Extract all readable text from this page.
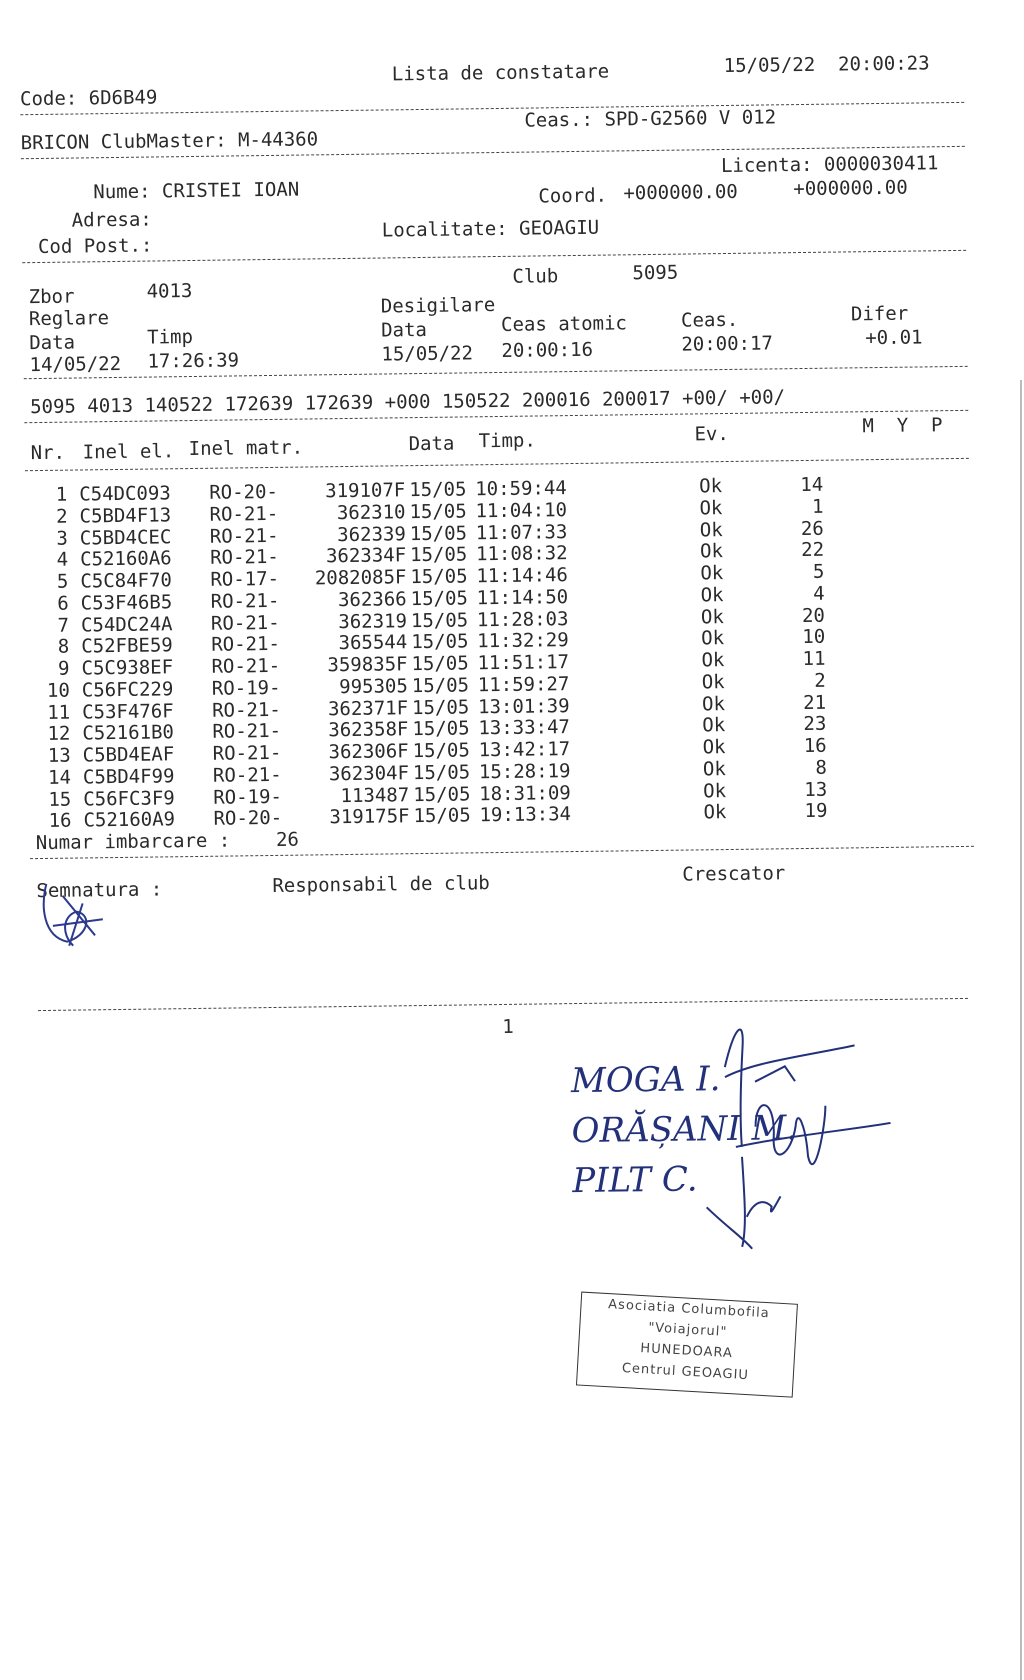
Code: 6D6B49
Lista de constatare	15/05/22  20:00:23
BRICON ClubMaster: M-44360
Ceas.: SPD-G2560 V 012
Licenta: 0000030411
Nume: CRISTEI IOAN	Coord. +000000.00	+000000.00
Adresa:
Cod Post.:
Localitate: GEOAGIU
Zbor	4013
Club	5095
Reglare
Desigilare
Data	Timp	Data	Ceas atomic	Ceas.	Difer
14/05/22 17:26:39	15/05/22 20:00:16	20:00:17	+0.01
5095 4013 140522 172639 172639 +000 150522 200016 200017 +00/ +00/
Nr. Inel el. Inel matr.	Data Timp.	Ev.	M  Y  P
1 C54DC093	RO-20-	319107F 15/05 10:59:44	Ok	14
2 C5BD4F13	RO-21-	362310 15/05 11:04:10	Ok	1
3 C5BD4CEC	RO-21-	362339 15/05 11:07:33	Ok	26
4 C52160A6	RO-21-	362334F 15/05 11:08:32	Ok	22
5 C5C84F70	RO-17-	2082085F 15/05 11:14:46	Ok	5
6 C53F46B5	RO-21-	362366 15/05 11:14:50	Ok	4
7 C54DC24A	RO-21-	362319 15/05 11:28:03	Ok	20
8 C52FBE59	RO-21-	365544 15/05 11:32:29	Ok	10
9 C5C938EF	RO-21-	359835F 15/05 11:51:17	Ok	11
10 C56FC229	RO-19-	995305 15/05 11:59:27	Ok	2
11 C53F476F	RO-21-	362371F 15/05 13:01:39	Ok	21
12 C52161B0	RO-21-	362358F 15/05 13:33:47	Ok	23
13 C5BD4EAF	RO-21-	362306F 15/05 13:42:17	Ok	16
14 C5BD4F99	RO-21-	362304F 15/05 15:28:19	Ok	8
15 C56FC3F9	RO-19-	113487 15/05 18:31:09	Ok	13
16 C52160A9	RO-20-	319175F 15/05 19:13:34	Ok	19
Numar imbarcare :    26
Semnatura :	Responsabil de club	Crescator
1
MOGA I.
ORĂȘANI M.
PILT C.
Asociatia Columbofila
"Voiajorul"
HUNEDOARA
Centrul GEOAGIU
